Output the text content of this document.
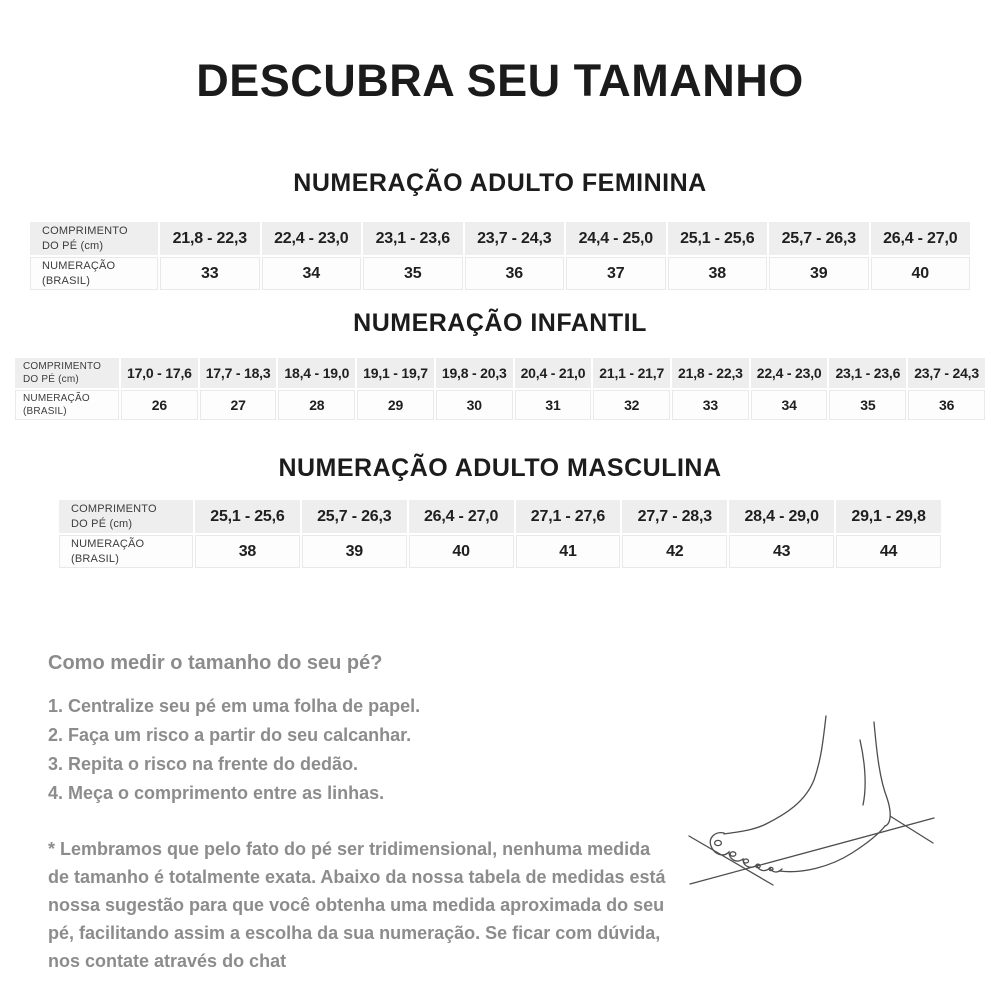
DESCUBRA SEU TAMANHO
NUMERAÇÃO ADULTO FEMININA
COMPRIMENTO
DO PÉ (cm)	21,8 - 22,3	22,4 - 23,0	23,1 - 23,6	23,7 - 24,3	24,4 - 25,0	25,1 - 25,6	25,7 - 26,3	26,4 - 27,0
NUMERAÇÃO
(BRASIL)	33	34	35	36	37	38	39	40
NUMERAÇÃO INFANTIL
COMPRIMENTO
DO PÉ (cm)	17,0 - 17,6	17,7 - 18,3	18,4 - 19,0	19,1 - 19,7	19,8 - 20,3	20,4 - 21,0	21,1 - 21,7	21,8 - 22,3	22,4 - 23,0	23,1 - 23,6	23,7 - 24,3
NUMERAÇÃO
(BRASIL)	26	27	28	29	30	31	32	33	34	35	36
NUMERAÇÃO ADULTO MASCULINA
COMPRIMENTO
DO PÉ (cm)	25,1 - 25,6	25,7 - 26,3	26,4 - 27,0	27,1 - 27,6	27,7 - 28,3	28,4 - 29,0	29,1 - 29,8
NUMERAÇÃO
(BRASIL)	38	39	40	41	42	43	44
Como medir o tamanho do seu pé?
1. Centralize seu pé em uma folha de papel.
2. Faça um risco a partir do seu calcanhar.
3. Repita o risco na frente do dedão.
4. Meça o comprimento entre as linhas.
* Lembramos que pelo fato do pé ser tridimensional, nenhuma medida de tamanho é totalmente exata. Abaixo da nossa tabela de medidas está nossa sugestão para que você obtenha uma medida aproximada do seu pé, facilitando assim a escolha da sua numeração. Se ficar com dúvida, nos contate através do chat
